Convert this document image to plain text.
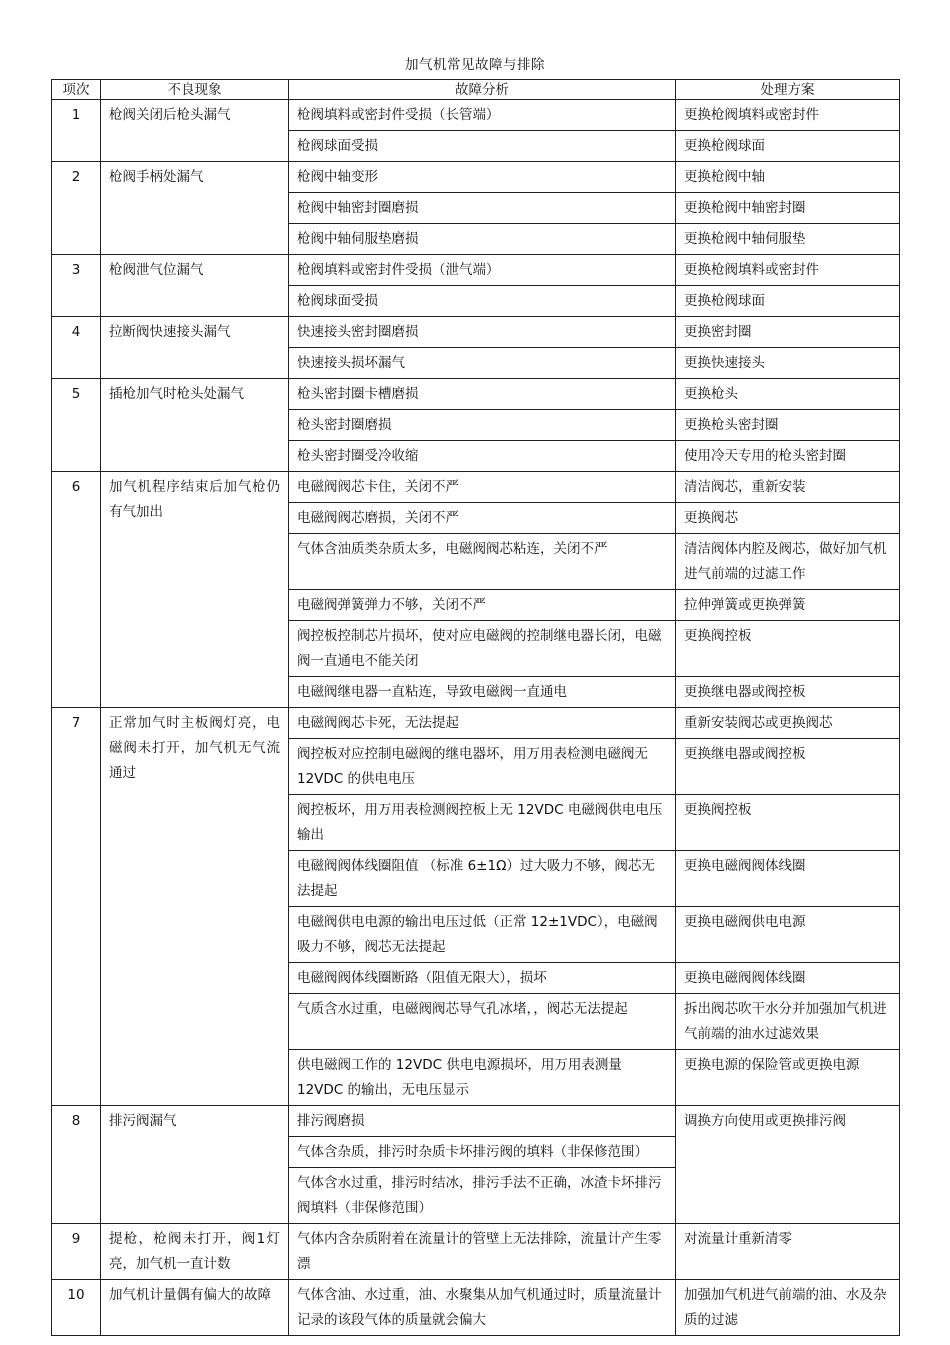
加气机常见故障与排除
项次	不良现象	故障分析	处理方案
1	枪阀关闭后枪头漏气	枪阀填料或密封件受损（长管端）	更换枪阀填料或密封件
		枪阀球面受损	更换枪阀球面
2	枪阀手柄处漏气	枪阀中轴变形	更换枪阀中轴
		枪阀中轴密封圈磨损	更换枪阀中轴密封圈
		枪阀中轴伺服垫磨损	更换枪阀中轴伺服垫
3	枪阀泄气位漏气	枪阀填料或密封件受损（泄气端）	更换枪阀填料或密封件
		枪阀球面受损	更换枪阀球面
4	拉断阀快速接头漏气	快速接头密封圈磨损	更换密封圈
		快速接头损坏漏气	更换快速接头
5	插枪加气时枪头处漏气	枪头密封圈卡槽磨损	更换枪头
		枪头密封圈磨损	更换枪头密封圈
		枪头密封圈受冷收缩	使用冷天专用的枪头密封圈
6	加气机程序结束后加气枪仍有气加出	电磁阀阀芯卡住，关闭不严	清洁阀芯，重新安装
		电磁阀阀芯磨损，关闭不严	更换阀芯
		气体含油质类杂质太多，电磁阀阀芯粘连，关闭不严	清洁阀体内腔及阀芯，做好加气机进气前端的过滤工作
		电磁阀弹簧弹力不够，关闭不严	拉伸弹簧或更换弹簧
		阀控板控制芯片损坏，使对应电磁阀的控制继电器长闭，电磁阀一直通电不能关闭	更换阀控板
		电磁阀继电器一直粘连，导致电磁阀一直通电	更换继电器或阀控板
7	正常加气时主板阀灯亮，电磁阀未打开，加气机无气流通过	电磁阀阀芯卡死，无法提起	重新安装阀芯或更换阀芯
		阀控板对应控制电磁阀的继电器坏，用万用表检测电磁阀无 12VDC 的供电电压	更换继电器或阀控板
		阀控板坏，用万用表检测阀控板上无 12VDC 电磁阀供电电压输出	更换阀控板
		电磁阀阀体线圈阻值 （标准 6±1Ω）过大吸力不够，阀芯无法提起	更换电磁阀阀体线圈
		电磁阀供电电源的输出电压过低（正常 12±1VDC），电磁阀吸力不够，阀芯无法提起	更换电磁阀供电电源
		电磁阀阀体线圈断路（阻值无限大），损坏	更换电磁阀阀体线圈
		气质含水过重，电磁阀阀芯导气孔冰堵，，阀芯无法提起	拆出阀芯吹干水分并加强加气机进气前端的油水过滤效果
		供电磁阀工作的 12VDC 供电电源损坏，用万用表测量 12VDC 的输出，无电压显示	更换电源的保险管或更换电源
8	排污阀漏气	排污阀磨损	调换方向使用或更换排污阀
		气体含杂质，排污时杂质卡坏排污阀的填料（非保修范围）	
		气体含水过重，排污时结冰，排污手法不正确，冰渣卡坏排污阀填料（非保修范围）	
9	提枪，枪阀未打开，阀1灯亮，加气机一直计数	气体内含杂质附着在流量计的管壁上无法排除，流量计产生零漂	对流量计重新清零
10	加气机计量偶有偏大的故障	气体含油、水过重，油、水聚集从加气机通过时，质量流量计记录的该段气体的质量就会偏大	加强加气机进气前端的油、水及杂质的过滤
